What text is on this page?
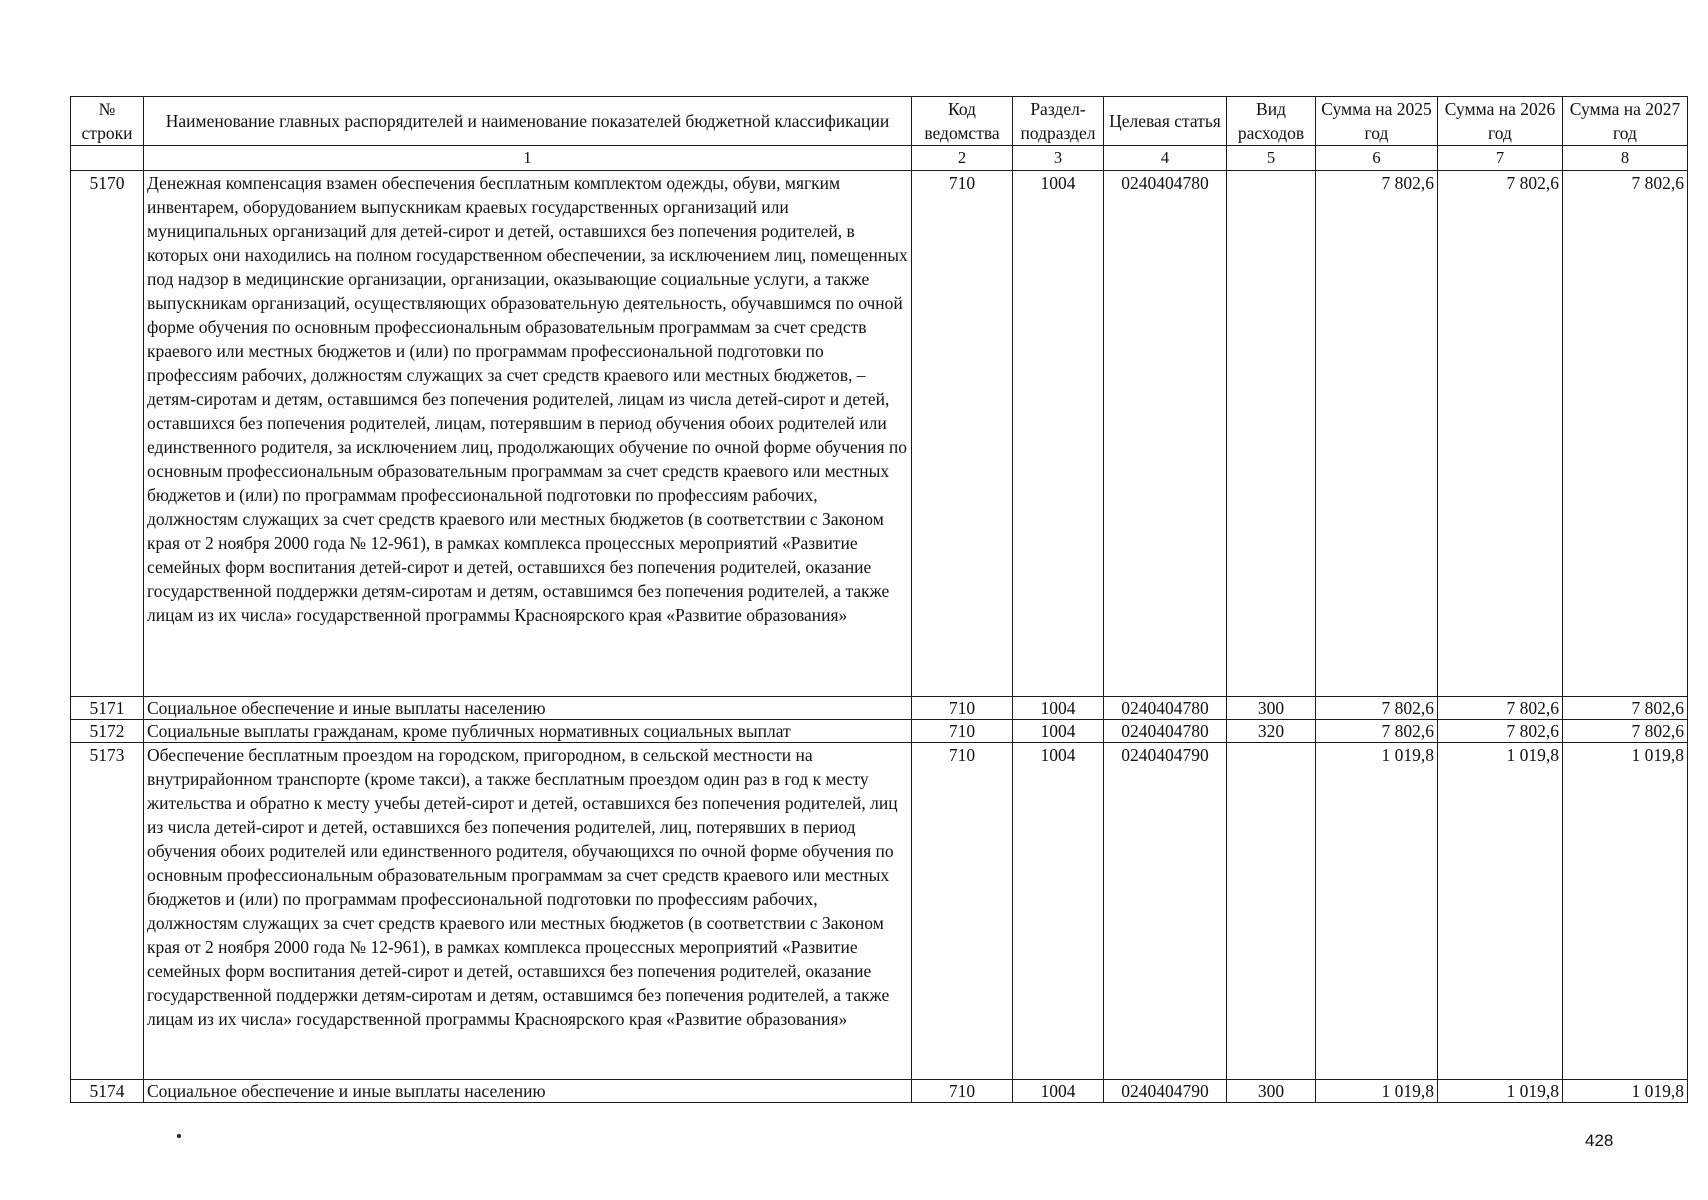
№ строки	Наименование главных распорядителей и наименование показателей бюджетной классификации	Код ведомства	Раздел-подраздел	Целевая статья	Вид расходов	Сумма на 2025 год	Сумма на 2026 год	Сумма на 2027 год
	1	2	3	4	5	6	7	8
5170	Денежная компенсация взамен обеспечения бесплатным комплектом одежды, обуви, мягким инвентарем, оборудованием выпускникам краевых государственных организаций или муниципальных организаций для детей-сирот и детей, оставшихся без попечения родителей, в которых они находились на полном государственном обеспечении, за исключением лиц, помещенных под надзор в медицинские организации, организации, оказывающие социальные услуги, а также выпускникам организаций, осуществляющих образовательную деятельность, обучавшимся по очной форме обучения по основным профессиональным образовательным программам за счет средств краевого или местных бюджетов и (или) по программам профессиональной подготовки по профессиям рабочих, должностям служащих за счет средств краевого или местных бюджетов, – детям-сиротам и детям, оставшимся без попечения родителей, лицам из числа детей-сирот и детей, оставшихся без попечения родителей, лицам, потерявшим в период обучения обоих родителей или единственного родителя, за исключением лиц, продолжающих обучение по очной форме обучения по основным профессиональным образовательным программам за счет средств краевого или местных бюджетов и (или) по программам профессиональной подготовки по профессиям рабочих, должностям служащих за счет средств краевого или местных бюджетов (в соответствии с Законом края от 2 ноября 2000 года № 12-961), в рамках комплекса процессных мероприятий «Развитие семейных форм воспитания детей-сирот и детей, оставшихся без попечения родителей, оказание государственной поддержки детям-сиротам и детям, оставшимся без попечения родителей, а также лицам из их числа» государственной программы Красноярского края «Развитие образования»	710	1004	0240404780		7 802,6	7 802,6	7 802,6
5171	Социальное обеспечение и иные выплаты населению	710	1004	0240404780	300	7 802,6	7 802,6	7 802,6
5172	Социальные выплаты гражданам, кроме публичных нормативных социальных выплат	710	1004	0240404780	320	7 802,6	7 802,6	7 802,6
5173	Обеспечение бесплатным проездом на городском, пригородном, в сельской местности на внутрирайонном транспорте (кроме такси), а также бесплатным проездом один раз в год к месту жительства и обратно к месту учебы детей-сирот и детей, оставшихся без попечения родителей, лиц из числа детей-сирот и детей, оставшихся без попечения родителей, лиц, потерявших в период обучения обоих родителей или единственного родителя, обучающихся по очной форме обучения по основным профессиональным образовательным программам за счет средств краевого или местных бюджетов и (или) по программам профессиональной подготовки по профессиям рабочих, должностям служащих за счет средств краевого или местных бюджетов (в соответствии с Законом края от 2 ноября 2000 года № 12-961), в рамках комплекса процессных мероприятий «Развитие семейных форм воспитания детей-сирот и детей, оставшихся без попечения родителей, оказание государственной поддержки детям-сиротам и детям, оставшимся без попечения родителей, а также лицам из их числа» государственной программы Красноярского края «Развитие образования»	710	1004	0240404790		1 019,8	1 019,8	1 019,8
5174	Социальное обеспечение и иные выплаты населению	710	1004	0240404790	300	1 019,8	1 019,8	1 019,8
428
